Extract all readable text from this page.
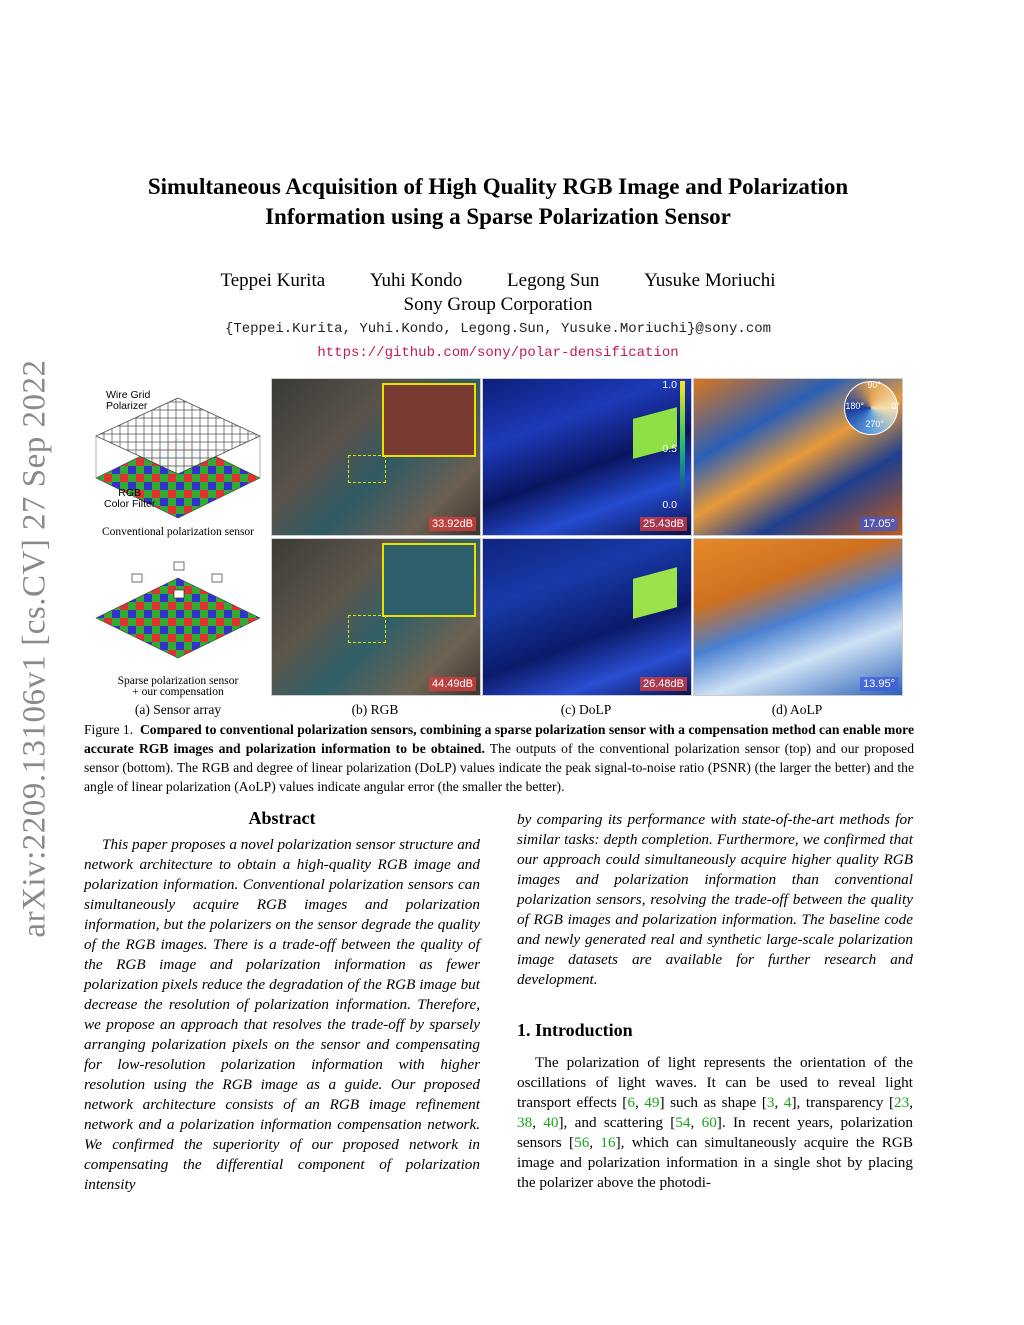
arXiv:2209.13106v1 [cs.CV] 27 Sep 2022
Simultaneous Acquisition of High Quality RGB Image and Polarization Information using a Sparse Polarization Sensor
Teppei Kurita Yuhi Kondo Legong Sun Yusuke Moriuchi
Sony Group Corporation
{Teppei.Kurita, Yuhi.Kondo, Legong.Sun, Yusuke.Moriuchi}@sony.com
https://github.com/sony/polar-densification
Wire Grid
Polarizer
RGB
Color Filter
Conventional polarization sensor
Sparse polarization sensor
+ our compensation
33.92dB
1.0
0.5
0.0
25.43dB
90°
180°	0°
270°
17.05°
44.49dB	26.48dB	13.95°
(a) Sensor array	(b) RGB	(c) DoLP	(d) AoLP
Figure 1. Compared to conventional polarization sensors, combining a sparse polarization sensor with a compensation method can enable more accurate RGB images and polarization information to be obtained. The outputs of the conventional polarization sensor (top) and our proposed sensor (bottom). The RGB and degree of linear polarization (DoLP) values indicate the peak signal-to-noise ratio (PSNR) (the larger the better) and the angle of linear polarization (AoLP) values indicate angular error (the smaller the better).
Abstract
This paper proposes a novel polarization sensor structure and network architecture to obtain a high-quality RGB image and polarization information. Conventional polarization sensors can simultaneously acquire RGB images and polarization information, but the polarizers on the sensor degrade the quality of the RGB images. There is a trade-off between the quality of the RGB image and polarization information as fewer polarization pixels reduce the degradation of the RGB image but decrease the resolution of polarization information. Therefore, we propose an approach that resolves the trade-off by sparsely arranging polarization pixels on the sensor and compensating for low-resolution polarization information with higher resolution using the RGB image as a guide. Our proposed network architecture consists of an RGB image refinement network and a polarization information compensation network. We confirmed the superiority of our proposed network in compensating the differential component of polarization intensity
by comparing its performance with state-of-the-art methods for similar tasks: depth completion. Furthermore, we confirmed that our approach could simultaneously acquire higher quality RGB images and polarization information than conventional polarization sensors, resolving the trade-off between the quality of RGB images and polarization information. The baseline code and newly generated real and synthetic large-scale polarization image datasets are available for further research and development.
1. Introduction
The polarization of light represents the orientation of the oscillations of light waves. It can be used to reveal light transport effects [6, 49] such as shape [3, 4], transparency [23, 38, 40], and scattering [54, 60]. In recent years, polarization sensors [56, 16], which can simultaneously acquire the RGB image and polarization information in a single shot by placing the polarizer above the photodi-
